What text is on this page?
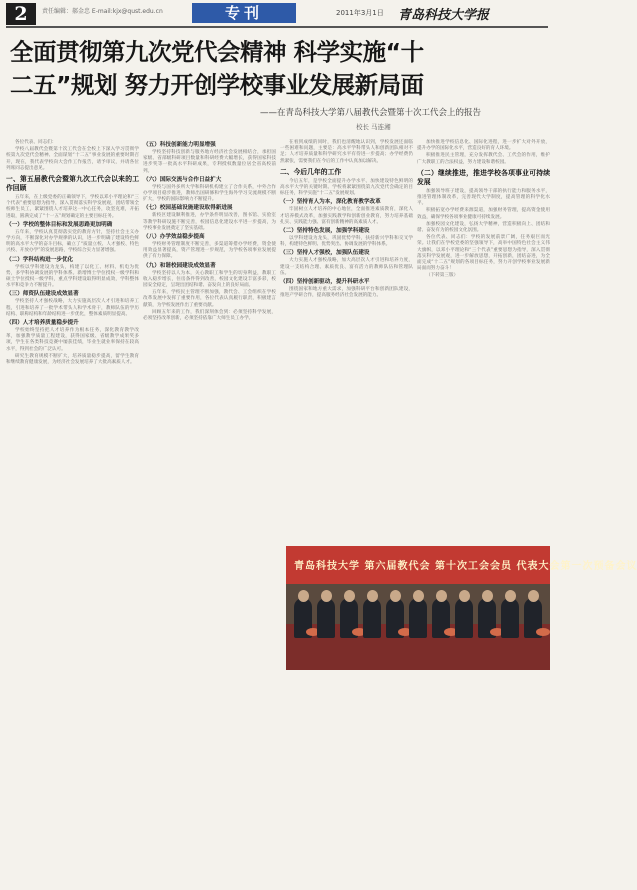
2	责任编辑：郝金忠 E-mail:kjx@qust.edu.cn	专刊	2011年3月1日 青岛科技大学报
全面贯彻第九次党代会精神 科学实施“十
二五”规划 努力开创学校事业发展新局面
——在青岛科技大学第八届教代会暨第十次工代会上的报告
校长 马连湘

各位代表、同志们：

学校八届教代会暨第十次工代会在全校上下深入学习贯彻学校第九次党代会精神、全面谋划“十二五”事业发展的重要时期召开，现在，我代表学校向大会作工作报告，请予审议，并请各位列席同志提出意见。

一、第五届教代会暨第九次工代会以来的工作回顾

五年来，在上级党委的正确领导下，学校以邓小平理论和“三个代表”重要思想为指导，深入贯彻落实科学发展观，团结带领全校师生员工，紧紧围绕人才培养这一中心任务，攻坚克难，开拓进取，圆满完成了“十一五”规划确定的主要目标任务。

（一）学校的整体目标和发展思路更加明确

五年来，学校认真贯彻落实党的教育方针，坚持社会主义办学方向，不断深化对办学规律的认识，进一步明确了建设特色鲜明的高水平大学的奋斗目标，确立了“质量立校、人才强校、特色兴校、开放办学”的发展思路，学校综合实力显著增强。

（二）学科结构进一步优化

学校以学科建设为龙头，构建了以化工、材料、机电为优势，多学科协调发展的学科体系。新增博士学位授权一级学科和硕士学位授权一级学科，重点学科建设取得明显成效，学科整体水平和竞争力不断提升。

（三）师资队伍建设成效显著

学校坚持人才强校战略，大力实施高层次人才引进和培养工程，引进和培养了一批学术带头人和学术骨干，教师队伍的学历结构、职称结构和年龄结构进一步优化，整体素质明显提高。

（四）人才培养质量稳步提升

学校始终坚持把人才培养作为根本任务，深化教育教学改革，加强教学质量工程建设，获得国家级、省级教学成果奖多项，学生在各类科技竞赛中屡获佳绩，毕业生就业率保持在较高水平，得到社会的广泛认可。

研究生教育规模不断扩大，培养质量稳步提高，留学生教育和继续教育健康发展，为经济社会发展培养了大批高素质人才。

（五）科技创新能力明显增强

学校坚持科技创新与服务地方经济社会发展相结合，承担国家级、省部级科研项目数量和科研经费大幅增长，获得国家科技进步奖等一批高水平科研成果，专利授权数量位居全省高校前列。

（六）国际交流与合作日益扩大

学校与国外多所大学和科研机构建立了合作关系，中外合作办学项目稳步推进，教师出国研修和学生海外学习交流规模不断扩大，学校的国际影响力不断提升。

（七）校园基础设施建设取得新进展

新校区建设顺利推进，办学条件明显改善，图书馆、实验室等教学科研设施不断完善，校园信息化建设水平进一步提高，为学校事业发展奠定了坚实基础。

（八）办学效益稳步提高

学校财务管理制度不断完善，多渠道筹措办学经费，资金使用效益显著提高，资产管理进一步规范，为学校各项事业发展提供了有力保障。

（九）和谐校园建设成效显著

学校坚持以人为本，关心教职工和学生的切身利益，教职工收入稳步增长，住房条件得到改善，校园文化建设丰富多彩，校园安全稳定，呈现出团结和谐、奋发向上的良好局面。

五年来，学校民主管理不断加强，教代会、工会组织在学校改革发展中发挥了重要作用，各位代表认真履行职责，积极建言献策，为学校发展作出了重要贡献。

回顾五年来的工作，我们深刻体会到：必须坚持科学发展，必须坚持改革创新，必须坚持依靠广大师生员工办学。

在看到成绩的同时，我们也清醒地认识到，学校发展还面临一些困难和问题，主要是：高水平学科带头人和创新团队相对不足；人才培养质量和科学研究水平有待进一步提高；办学经费仍然紧张，需要我们在今后的工作中认真加以解决。

二、今后几年的工作

今后五年，是学校全面提升办学水平、加快建设特色鲜明的高水平大学的关键时期。学校将紧紧围绕第九次党代会确定的目标任务，科学实施“十二五”发展规划。

（一）坚持育人为本，深化教育教学改革

牢固树立人才培养的中心地位，全面推进素质教育，深化人才培养模式改革，加强实践教学和创新创业教育，努力培养基础扎实、实践能力强、富有创新精神的高素质人才。

（二）坚持特色发展，加强学科建设

以学科建设为龙头，巩固优势学科，扶持新兴学科和交叉学科，构建特色鲜明、优势突出、协调发展的学科体系。

（三）坚持人才强校，加强队伍建设

大力实施人才强校战略，加大高层次人才引进和培养力度，建设一支结构合理、素质优良、富有活力的教师队伍和管理队伍。

（四）坚持创新驱动，提升科研水平

围绕国家和地方重大需求，加强科研平台和创新团队建设，推进产学研合作，提高服务经济社会发展的能力。

加快推进学校信息化、国际化进程，进一步扩大对外开放，提升办学的国际化水平，营造良好的育人环境。

积极推进民主管理，充分发挥教代会、工代会的作用，维护广大教职工的合法权益，努力建设和谐校园。

（二）继续推进，推进学校各项事业可持续发展

加强领导班子建设，提高领导干部的执行能力和服务水平，推进管理体制改革，完善现代大学制度，提高管理的科学化水平。

积极拓宽办学经费来源渠道，加强财务管理，提高资金使用效益，确保学校各项事业健康可持续发展。

加强校园文化建设，弘扬大学精神，营造积极向上、团结和谐、奋发有为的校园文化氛围。

各位代表、同志们：学校的发展前景广阔，任务艰巨而光荣。让我们在学校党委的坚强领导下，高举中国特色社会主义伟大旗帜，以邓小平理论和“三个代表”重要思想为指导，深入贯彻落实科学发展观，进一步解放思想，开拓创新，团结奋进，为全面完成“十二五”规划的各项目标任务，努力开创学校事业发展新局面而努力奋斗！

（下转第三版）

青岛科技大学 第六届教代会 第十次工会会员 代表大会第一次预备会议
